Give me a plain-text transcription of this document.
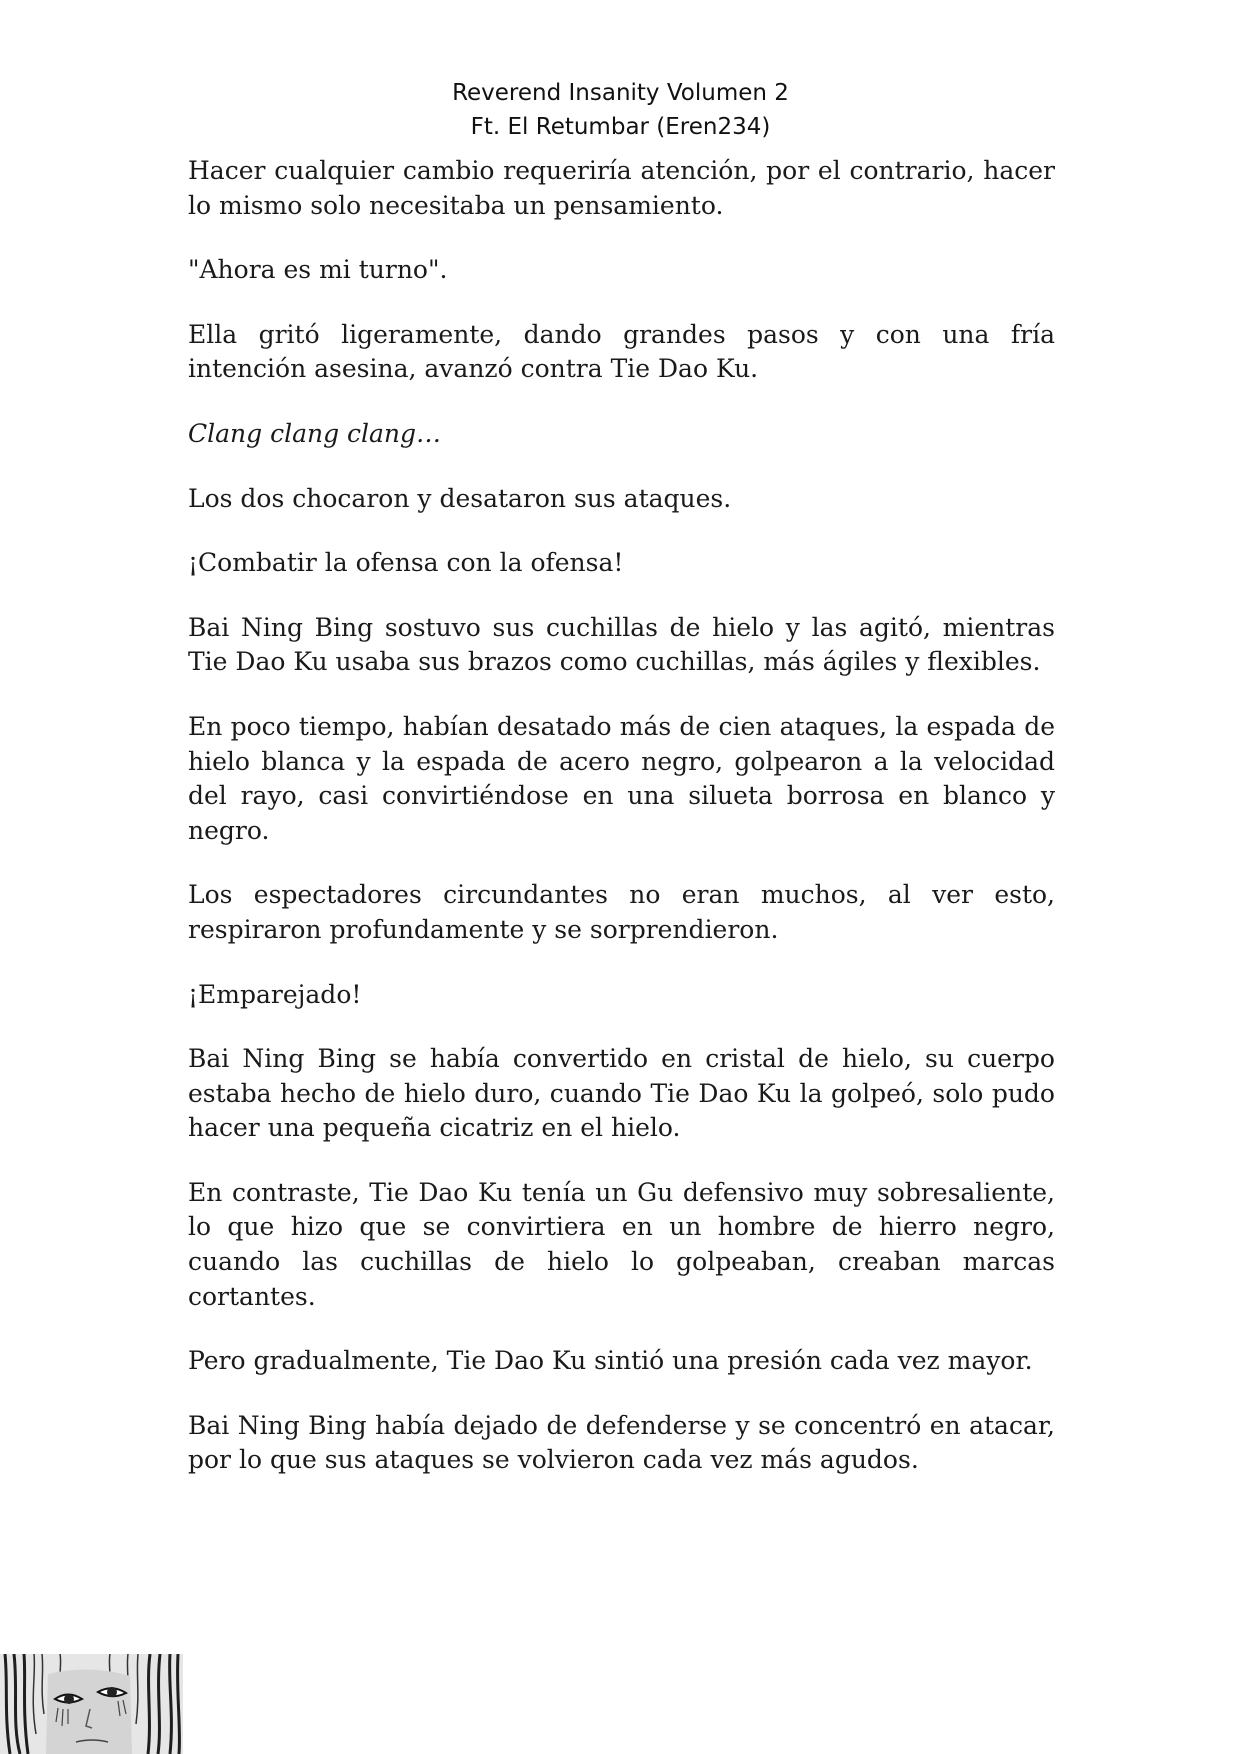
Reverend Insanity Volumen 2
Ft. El Retumbar (Eren234)

Hacer cualquier cambio requeriría atención, por el contrario, hacer lo mismo solo necesitaba un pensamiento.

"Ahora es mi turno".

Ella gritó ligeramente, dando grandes pasos y con una fría intención asesina, avanzó contra Tie Dao Ku.

Clang clang clang…

Los dos chocaron y desataron sus ataques.

¡Combatir la ofensa con la ofensa!

Bai Ning Bing sostuvo sus cuchillas de hielo y las agitó, mientras Tie Dao Ku usaba sus brazos como cuchillas, más ágiles y flexibles.

En poco tiempo, habían desatado más de cien ataques, la espada de hielo blanca y la espada de acero negro, golpearon a la velocidad del rayo, casi convirtiéndose en una silueta borrosa en blanco y negro.

Los espectadores circundantes no eran muchos, al ver esto, respiraron profundamente y se sorprendieron.

¡Emparejado!

Bai Ning Bing se había convertido en cristal de hielo, su cuerpo estaba hecho de hielo duro, cuando Tie Dao Ku la golpeó, solo pudo hacer una pequeña cicatriz en el hielo.

En contraste, Tie Dao Ku tenía un Gu defensivo muy sobresaliente, lo que hizo que se convirtiera en un hombre de hierro negro, cuando las cuchillas de hielo lo golpeaban, creaban marcas cortantes.

Pero gradualmente, Tie Dao Ku sintió una presión cada vez mayor.

Bai Ning Bing había dejado de defenderse y se concentró en atacar, por lo que sus ataques se volvieron cada vez más agudos.
